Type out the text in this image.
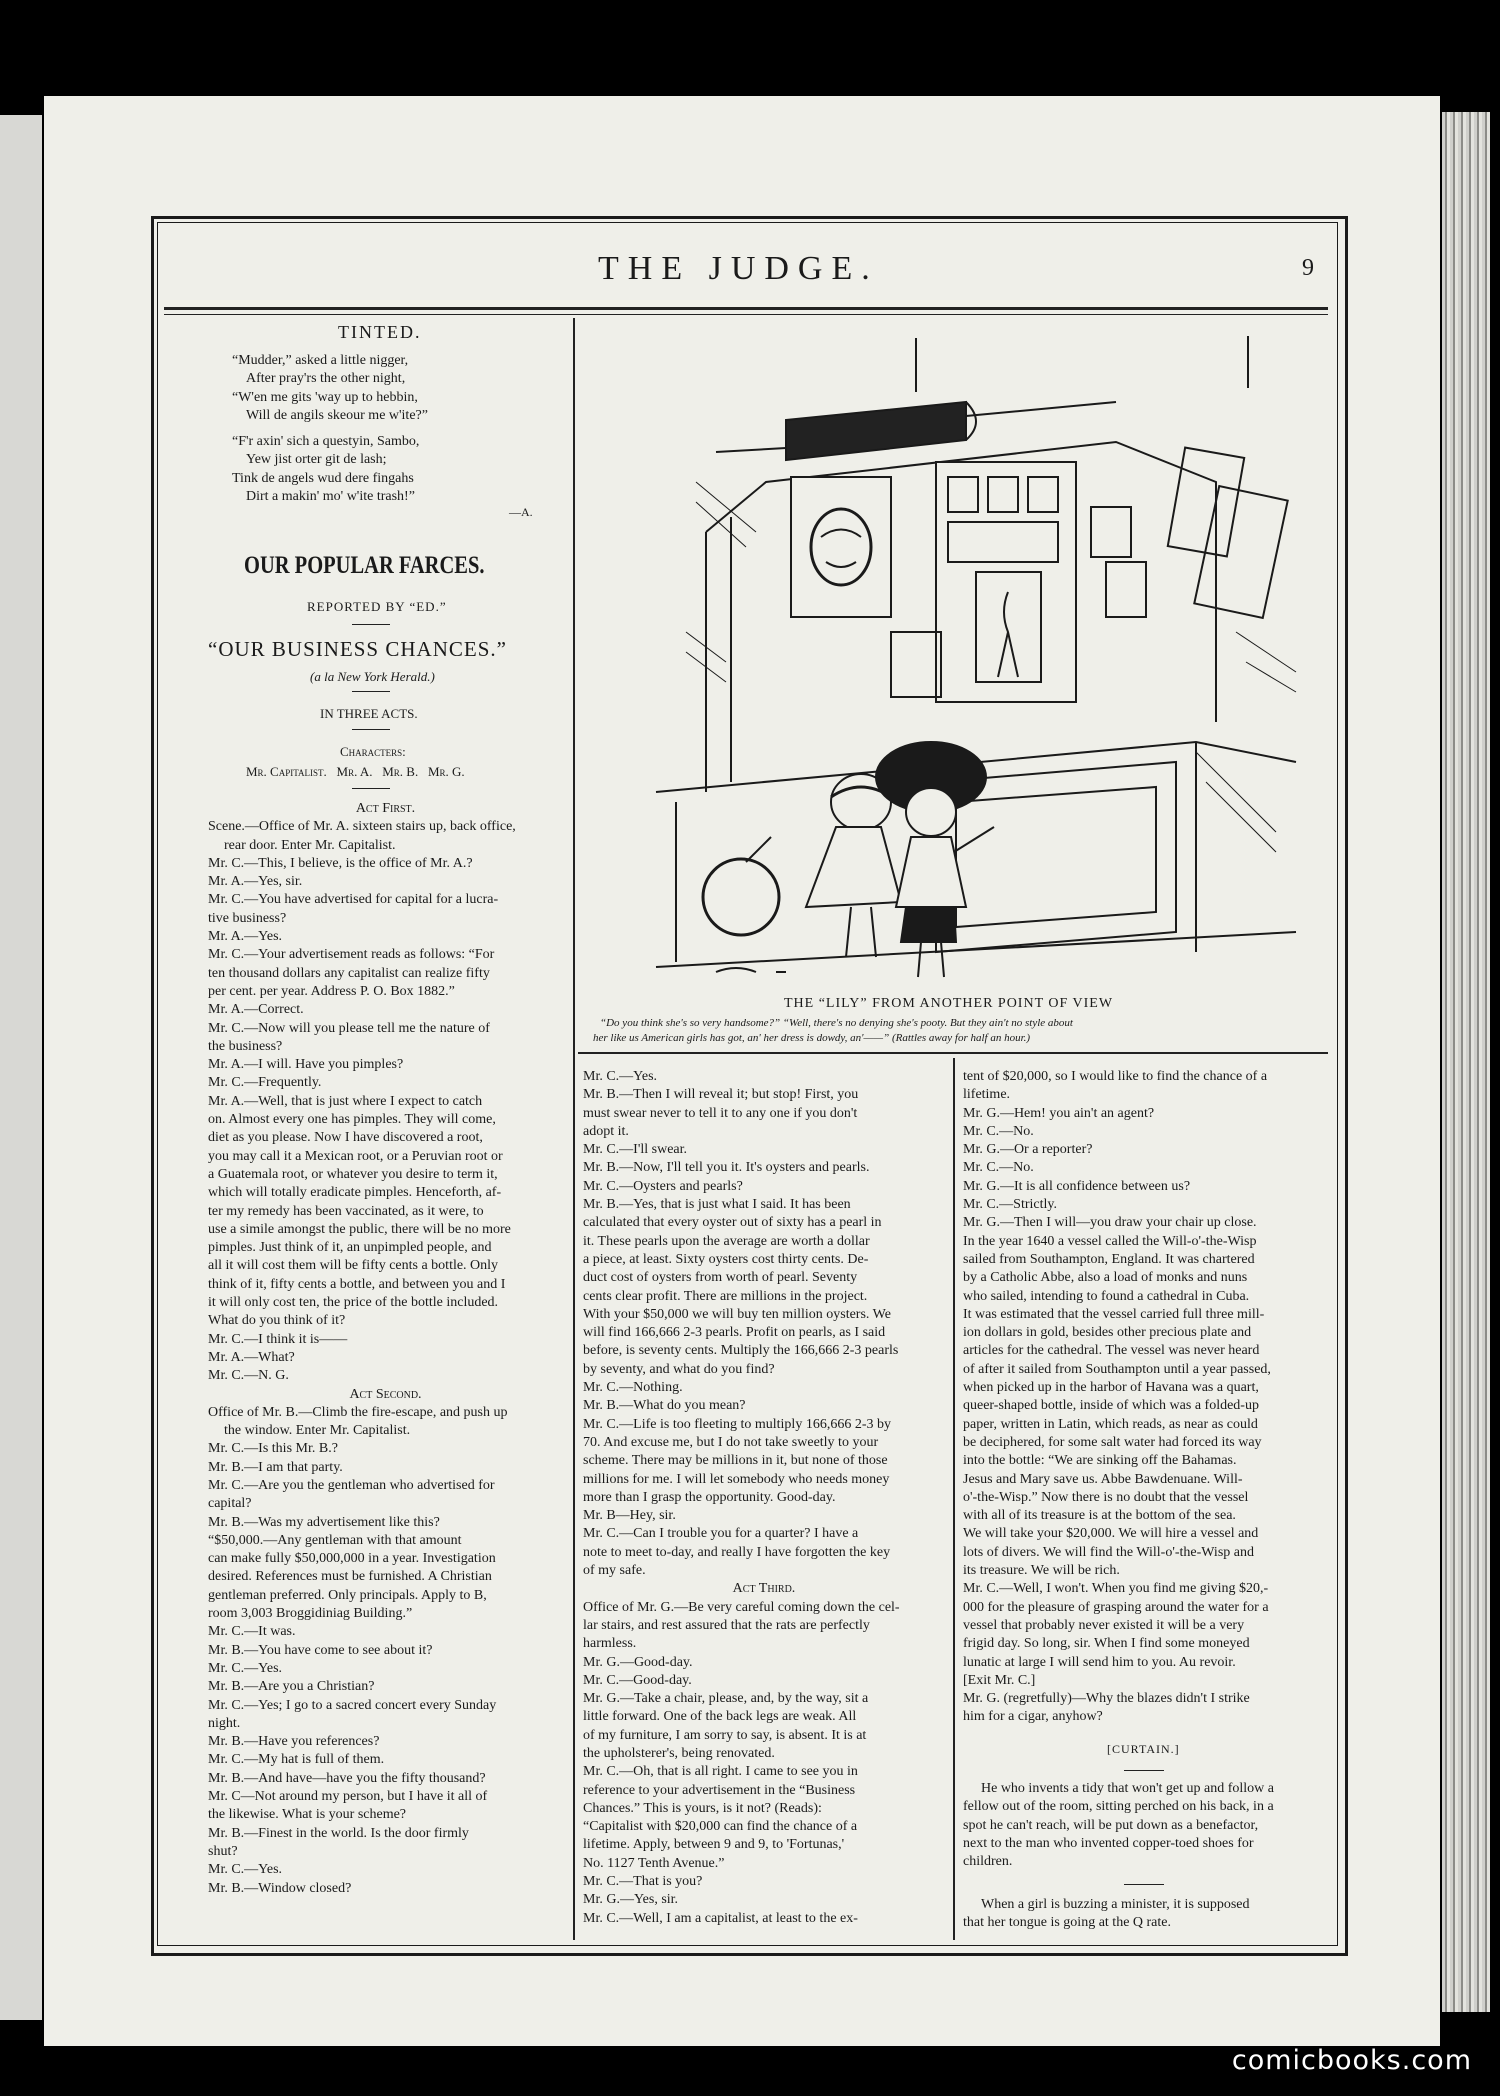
THE JUDGE.	9
TINTED.
“Mudder,” asked a little nigger,
After pray'rs the other night,
“W'en me gits 'way up to hebbin,
Will de angils skeour me w'ite?”
“F'r axin' sich a questyin, Sambo,
Yew jist orter git de lash;
Tink de angels wud dere fingahs
Dirt a makin' mo' w'ite trash!”
—A.
OUR POPULAR FARCES.
REPORTED BY “ED.”
“OUR BUSINESS CHANCES.”
(a la New York Herald.)
IN THREE ACTS.
Characters:
Mr. Capitalist.   Mr. A.   Mr. B.   Mr. G.
Act First.
Scene.—Office of Mr. A. sixteen stairs up, back office,
rear door. Enter Mr. Capitalist.
Mr. C.—This, I believe, is the office of Mr. A.?
Mr. A.—Yes, sir.
Mr. C.—You have advertised for capital for a lucra-
tive business?
Mr. A.—Yes.
Mr. C.—Your advertisement reads as follows: “For
ten thousand dollars any capitalist can realize fifty
per cent. per year. Address P. O. Box 1882.”
Mr. A.—Correct.
Mr. C.—Now will you please tell me the nature of
the business?
Mr. A.—I will. Have you pimples?
Mr. C.—Frequently.
Mr. A.—Well, that is just where I expect to catch
on. Almost every one has pimples. They will come,
diet as you please. Now I have discovered a root,
you may call it a Mexican root, or a Peruvian root or
a Guatemala root, or whatever you desire to term it,
which will totally eradicate pimples. Henceforth, af-
ter my remedy has been vaccinated, as it were, to
use a simile amongst the public, there will be no more
pimples. Just think of it, an unpimpled people, and
all it will cost them will be fifty cents a bottle. Only
think of it, fifty cents a bottle, and between you and I
it will only cost ten, the price of the bottle included.
What do you think of it?
Mr. C.—I think it is——
Mr. A.—What?
Mr. C.—N. G.
Act Second.
Office of Mr. B.—Climb the fire-escape, and push up
the window. Enter Mr. Capitalist.
Mr. C.—Is this Mr. B.?
Mr. B.—I am that party.
Mr. C.—Are you the gentleman who advertised for
capital?
Mr. B.—Was my advertisement like this?
“$50,000.—Any gentleman with that amount
can make fully $50,000,000 in a year. Investigation
desired. References must be furnished. A Christian
gentleman preferred. Only principals. Apply to B,
room 3,003 Broggidiniag Building.”
Mr. C.—It was.
Mr. B.—You have come to see about it?
Mr. C.—Yes.
Mr. B.—Are you a Christian?
Mr. C.—Yes; I go to a sacred concert every Sunday
night.
Mr. B.—Have you references?
Mr. C.—My hat is full of them.
Mr. B.—And have—have you the fifty thousand?
Mr. C—Not around my person, but I have it all of
the likewise. What is your scheme?
Mr. B.—Finest in the world. Is the door firmly
shut?
Mr. C.—Yes.
Mr. B.—Window closed?
THE “LILY” FROM ANOTHER POINT OF VIEW
“Do you think she's so very handsome?” “Well, there's no denying she's pooty. But they ain't no style about
her like us American girls has got, an' her dress is dowdy, an'——” (Rattles away for half an hour.)
Mr. C.—Yes.
Mr. B.—Then I will reveal it; but stop! First, you
must swear never to tell it to any one if you don't
adopt it.
Mr. C.—I'll swear.
Mr. B.—Now, I'll tell you it. It's oysters and pearls.
Mr. C.—Oysters and pearls?
Mr. B.—Yes, that is just what I said. It has been
calculated that every oyster out of sixty has a pearl in
it. These pearls upon the average are worth a dollar
a piece, at least. Sixty oysters cost thirty cents. De-
duct cost of oysters from worth of pearl. Seventy
cents clear profit. There are millions in the project.
With your $50,000 we will buy ten million oysters. We
will find 166,666 2-3 pearls. Profit on pearls, as I said
before, is seventy cents. Multiply the 166,666 2-3 pearls
by seventy, and what do you find?
Mr. C.—Nothing.
Mr. B.—What do you mean?
Mr. C.—Life is too fleeting to multiply 166,666 2-3 by
70. And excuse me, but I do not take sweetly to your
scheme. There may be millions in it, but none of those
millions for me. I will let somebody who needs money
more than I grasp the opportunity. Good-day.
Mr. B—Hey, sir.
Mr. C.—Can I trouble you for a quarter? I have a
note to meet to-day, and really I have forgotten the key
of my safe.
Act Third.
Office of Mr. G.—Be very careful coming down the cel-
lar stairs, and rest assured that the rats are perfectly
harmless.
Mr. G.—Good-day.
Mr. C.—Good-day.
Mr. G.—Take a chair, please, and, by the way, sit a
little forward. One of the back legs are weak. All
of my furniture, I am sorry to say, is absent. It is at
the upholsterer's, being renovated.
Mr. C.—Oh, that is all right. I came to see you in
reference to your advertisement in the “Business
Chances.” This is yours, is it not? (Reads):
“Capitalist with $20,000 can find the chance of a
lifetime. Apply, between 9 and 9, to 'Fortunas,'
No. 1127 Tenth Avenue.”
Mr. C.—That is you?
Mr. G.—Yes, sir.
Mr. C.—Well, I am a capitalist, at least to the ex-
tent of $20,000, so I would like to find the chance of a
lifetime.
Mr. G.—Hem! you ain't an agent?
Mr. C.—No.
Mr. G.—Or a reporter?
Mr. C.—No.
Mr. G.—It is all confidence between us?
Mr. C.—Strictly.
Mr. G.—Then I will—you draw your chair up close.
In the year 1640 a vessel called the Will-o'-the-Wisp
sailed from Southampton, England. It was chartered
by a Catholic Abbe, also a load of monks and nuns
who sailed, intending to found a cathedral in Cuba.
It was estimated that the vessel carried full three mill-
ion dollars in gold, besides other precious plate and
articles for the cathedral. The vessel was never heard
of after it sailed from Southampton until a year passed,
when picked up in the harbor of Havana was a quart,
queer-shaped bottle, inside of which was a folded-up
paper, written in Latin, which reads, as near as could
be deciphered, for some salt water had forced its way
into the bottle: “We are sinking off the Bahamas.
Jesus and Mary save us. Abbe Bawdenuane. Will-
o'-the-Wisp.” Now there is no doubt that the vessel
with all of its treasure is at the bottom of the sea.
We will take your $20,000. We will hire a vessel and
lots of divers. We will find the Will-o'-the-Wisp and
its treasure. We will be rich.
Mr. C.—Well, I won't. When you find me giving $20,-
000 for the pleasure of grasping around the water for a
vessel that probably never existed it will be a very
frigid day. So long, sir. When I find some moneyed
lunatic at large I will send him to you. Au revoir.
[Exit Mr. C.]
Mr. G. (regretfully)—Why the blazes didn't I strike
him for a cigar, anyhow?
[CURTAIN.]
He who invents a tidy that won't get up and follow a
fellow out of the room, sitting perched on his back, in a
spot he can't reach, will be put down as a benefactor,
next to the man who invented copper-toed shoes for
children.
When a girl is buzzing a minister, it is supposed
that her tongue is going at the Q rate.
comicbooks.com
